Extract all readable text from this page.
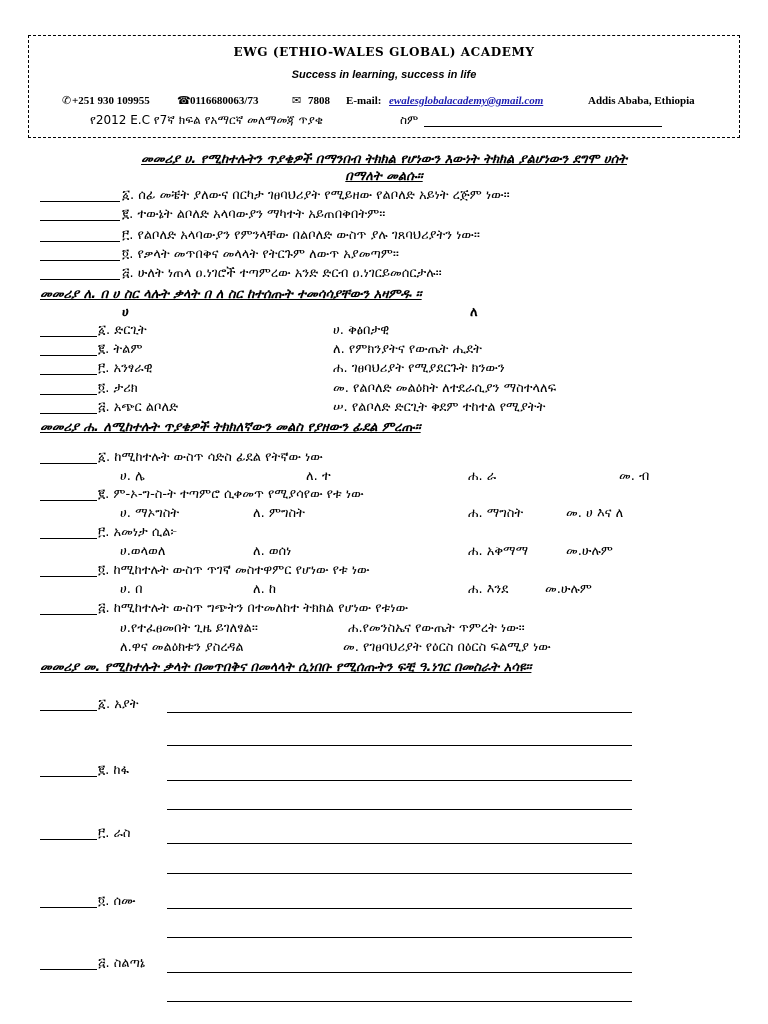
EWG (ETHIO-WALES GLOBAL) ACADEMY
Success in learning, success in life
✆
+251 930 109955 ☎	0116680063/73 ✉	7808 E-mail: ewalesglobalacademy@gmail.com	Addis Ababa, Ethiopia
የ2012 E.C የ7ኛ ክፍል የአማርኛ መለማመጃ ጥያቄ	ስም
መመሪያ ሀ. የሚከተሉትን ጥያቄዎች በማንበብ ትክክል የሆነውን እውነት ትክክል ያልሆነውን ደግሞ ሀሰት
በማለት መልሱ።
፩. ሰፊ መቼት ያለውና በርካታ ገፀባህሪያት የሚይዘው የልቦለድ አይነት ረጅም ነው።
፪. ተውኔት ልቦለድ አላባውያን ማካተት አይጠበቅበትም።
፫. የልቦለድ አላባውያን የምንላቸው በልቦለድ ውስጥ ያሉ ገጸባህሪያትን ነው።
፬. የቃላት መጥበቅና መላላት የትርጉም ለውጥ አያመጣም።
፭. ሁለት ነጠላ ዐ.ነገሮች ተጣምረው አንድ ድርብ ዐ.ነገርይመሰርታሉ።
መመሪያ ለ. በ ሀ ስር ላሉት ቃላት በ ለ ስር ከተሰጡት ተመሳሳያቸውን አዛምዱ ።
ሀ	ለ
፩. ድርጊት	ሀ. ቅፅበታዊ
፪. ትልም	ለ. የምክንያትና የውጤት ሒደት
፫. አንፃራዊ	ሐ. ገፀባህሪያት የሚያደርጉት ክንውን
፬. ታሪክ	መ. የልቦለድ መልዕክት ለተደራሲያን ማስተላለፍ
፭. አጭር ልቦለድ	ሠ. የልቦለድ ድርጊት ቅደም ተከተል የሚያትት
መመሪያ ሐ. ለሚከተሉት ጥያቄዎች ትክክለኛውን መልስ የያዘውን ፊደል ምረጡ።
፩. ከሚከተሉት ውስጥ ሳድስ ፊደል የትኛው ነው
ሀ. ሌ	ለ. ተ	ሐ. ራ	መ. ብ
፪. ም-ኦ-ግ-ስ-ት ተጣምሮ ሲቀመጥ የሚያሳየው የቱ ነው
ሀ. ማኦግስት	ለ. ምግስት	ሐ. ማግስት	መ. ሀ እና ለ
፫. አመነታ ሲል፦
ሀ.ወላወለ	ለ. ወሰነ	ሐ. አቅማማ	መ.ሁሉም
፬. ከሚከተሉት ውስጥ ጥገኛ መስተዋምር የሆነው የቱ ነው
ሀ. በ	ለ. ከ	ሐ. እንደ	መ.ሁሉም
፭. ከሚከተሉት ውስጥ ግጭትን በተመለከተ ትክክል የሆነው የቱነው
ሀ.የተፈፀመበት ጊዜ ይገለፃል።	ሐ.የመንስኤና የውጤት ጥምረት ነው።
ለ.ዋና መልዕክቱን ያስረዳል	መ. የገፀባህሪያት የዕርስ በዕርስ ፍልሚያ ነው
መመሪያ መ. የሚከተሉት ቃላት በመጥበቅና በመላላት ሲነበቡ የሚሰጡትን ፍቺ ዓ.ነገር በመስራት አሳዩ።
፩. አያት
፪. ከፋ
፫. ራስ
፬. ሰሙ
፭. ስልጣኔ
